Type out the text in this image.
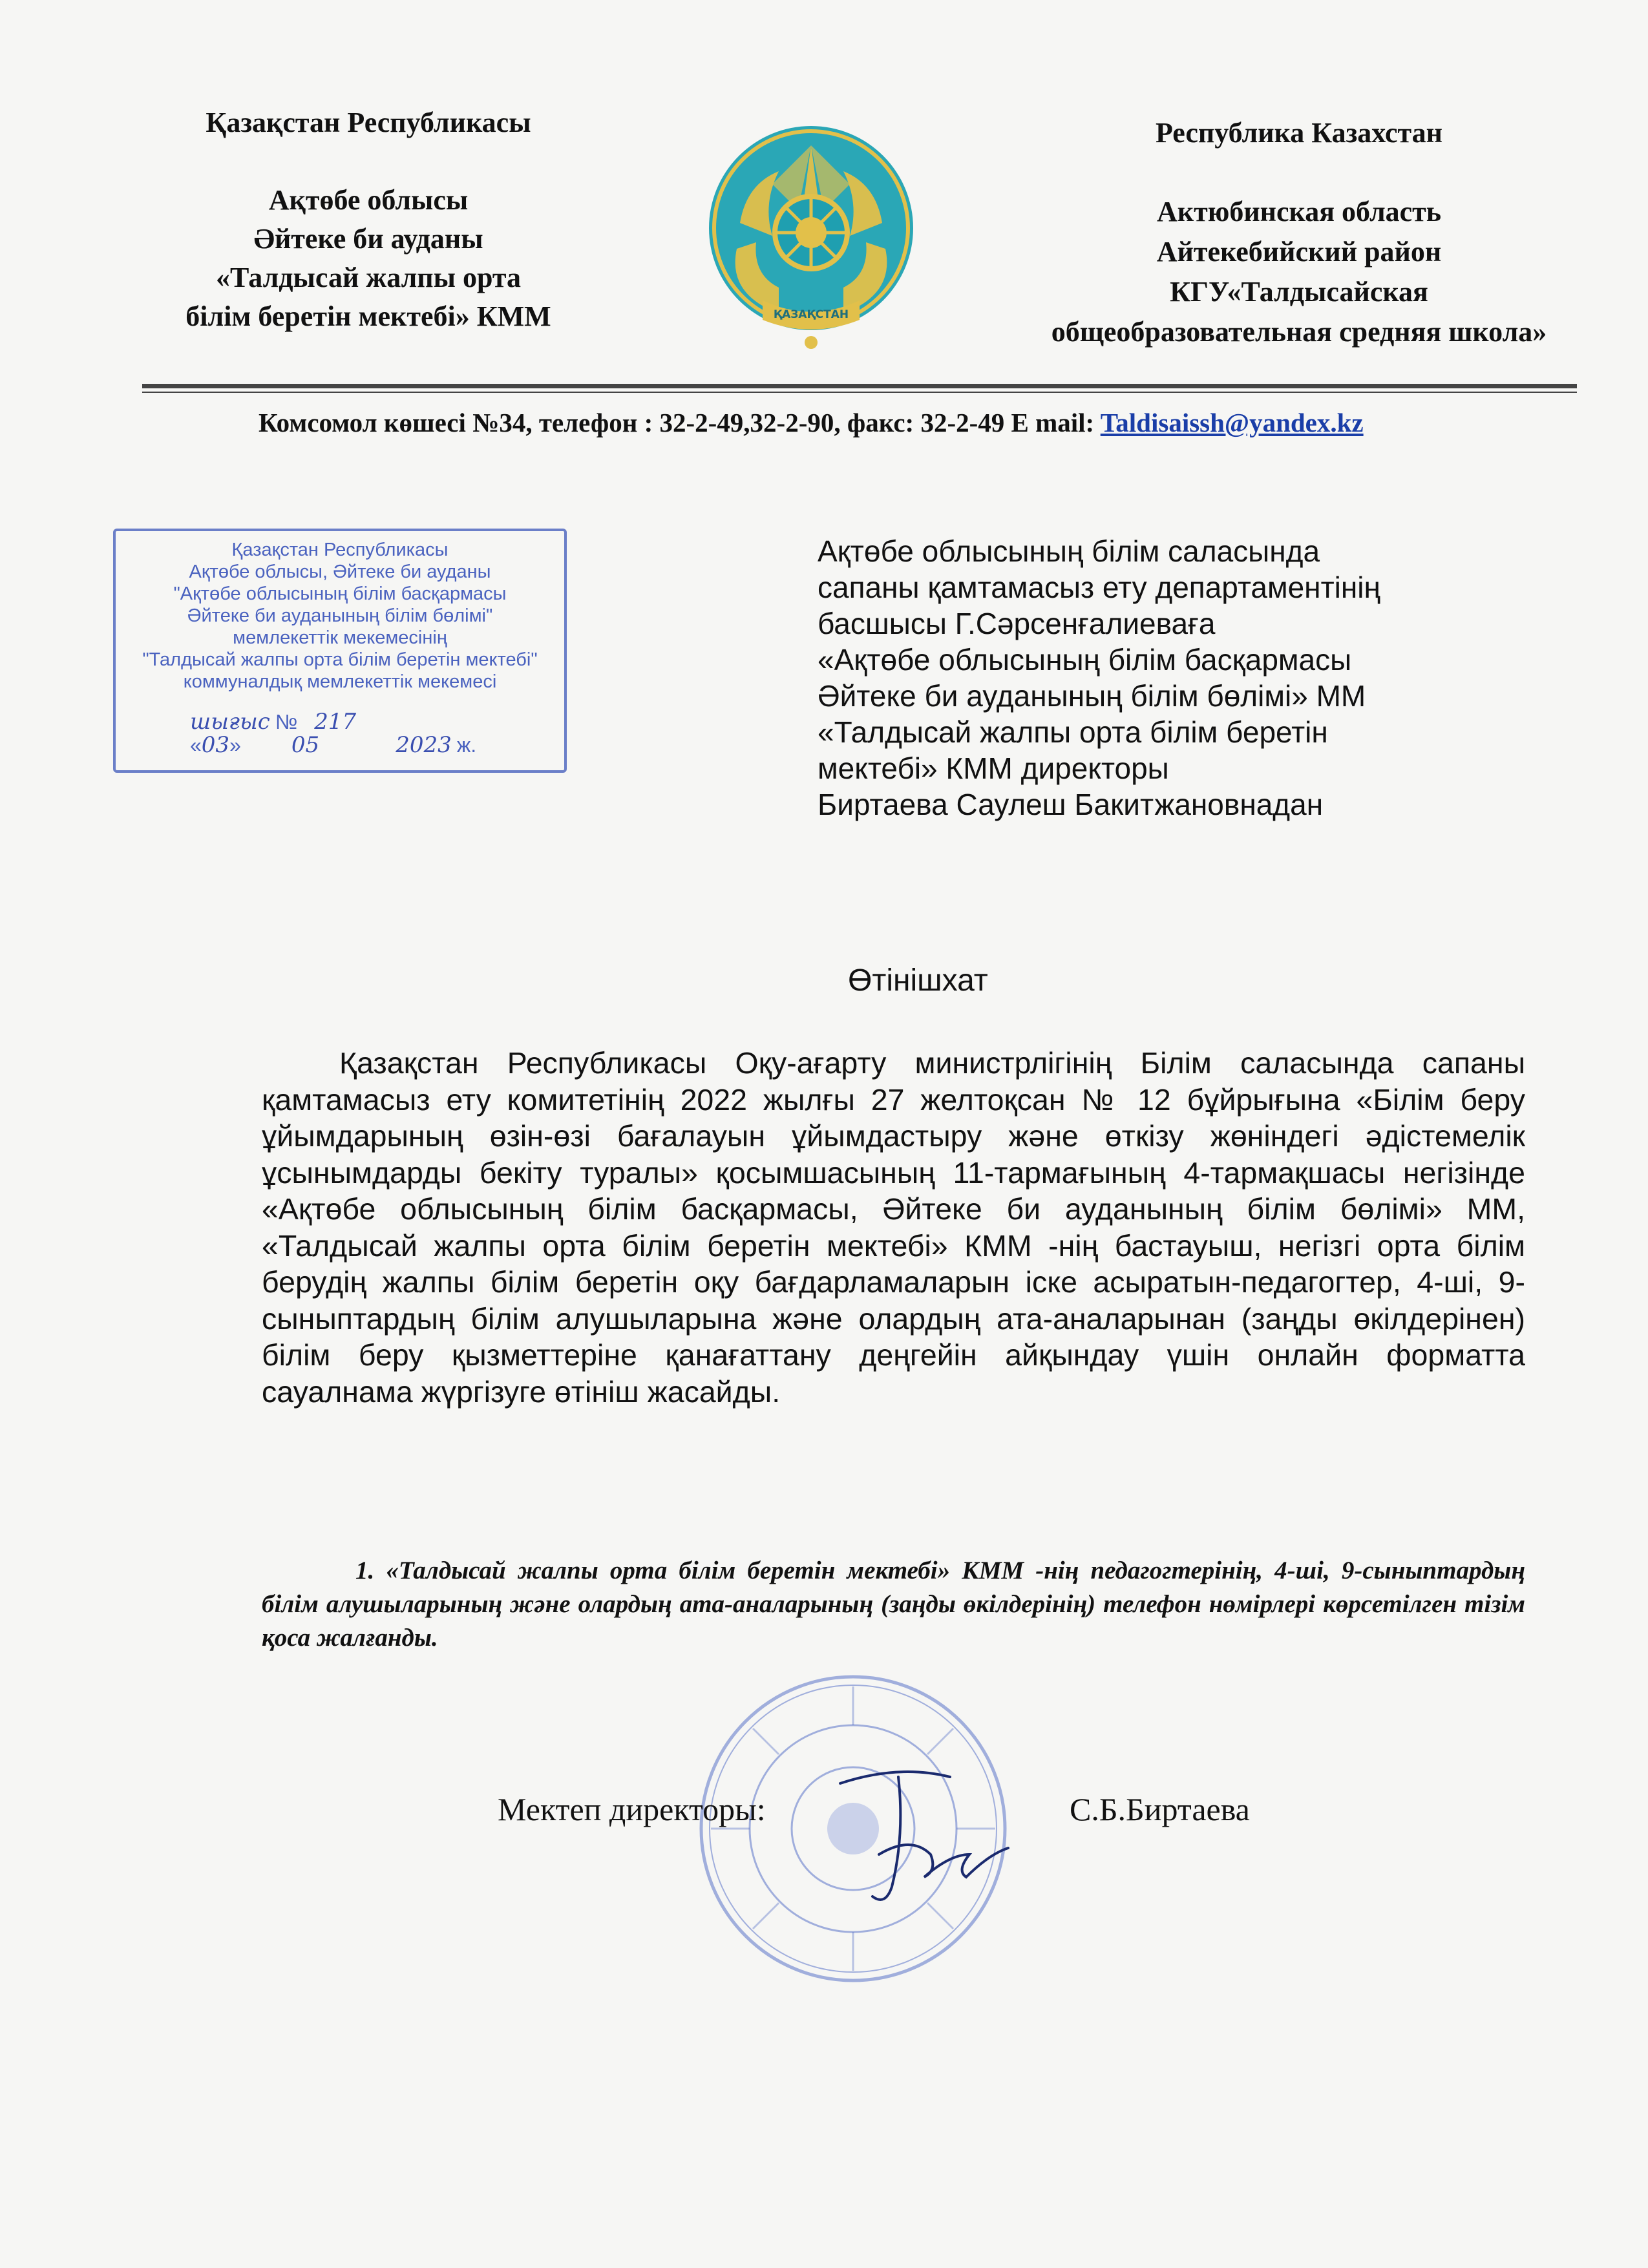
Қазақстан Республикасы
Ақтөбе облысы
Әйтеке би ауданы
«Талдысай жалпы орта
білім беретін мектебі» КММ	ҚАЗАҚСТАН
Республика Казахстан
Актюбинская область
Айтекебийский район
КГУ«Талдысайская
общеобразовательная средняя школа»
Комсомол көшесі №34, телефон : 32-2-49,32-2-90, факс: 32-2-49 E mail: Taldisaissh@yandex.kz
Қазақстан Республикасы
Ақтөбе облысы, Әйтеке би ауданы
"Ақтөбе облысының білім басқармасы
Әйтеке би ауданының білім бөлімі"
мемлекеттік мекемесінің
"Талдысай жалпы орта білім беретін мектебі"
коммуналдық мемлекеттік мекемесі
шығыс № 217
«03» 05	2023 ж.
Ақтөбе облысының білім саласында
сапаны қамтамасыз ету департаментінің
басшысы Г.Сәрсенғалиеваға
«Ақтөбе облысының білім басқармасы
Әйтеке би ауданының білім бөлімі» ММ
«Талдысай жалпы орта білім беретін
мектебі» КММ директоры
Биртаева Саулеш Бакитжановнадан
Өтінішхат
Қазақстан Республикасы Оқу-ағарту министрлігінің Білім саласында сапаны қамтамасыз ету комитетінің 2022 жылғы 27 желтоқсан № 12 бұйрығына «Білім беру ұйымдарының өзін-өзі бағалауын ұйымдастыру және өткізу жөніндегі әдістемелік ұсынымдарды бекіту туралы» қосымшасының 11-тармағының 4-тармақшасы негізінде «Ақтөбе облысының білім басқармасы, Әйтеке би ауданының білім бөлімі» ММ, «Талдысай жалпы орта білім беретін мектебі» КММ -нің бастауыш, негізгі орта білім берудің жалпы білім беретін оқу бағдарламаларын іске асыратын-педагогтер, 4-ші, 9-сыныптардың білім алушыларына және олардың ата-аналарынан (заңды өкілдерінен) білім беру қызметтеріне қанағаттану деңгейін айқындау үшін онлайн форматта сауалнама жүргізуге өтініш жасайды.
1. «Талдысай жалпы орта білім беретін мектебі» КММ -нің педагогтерінің, 4-ші, 9-сыныптардың білім алушыларының және олардың ата-аналарының (заңды өкілдерінің) телефон нөмірлері көрсетілген тізім қоса жалғанды.
Мектеп директоры:	С.Б.Биртаева
